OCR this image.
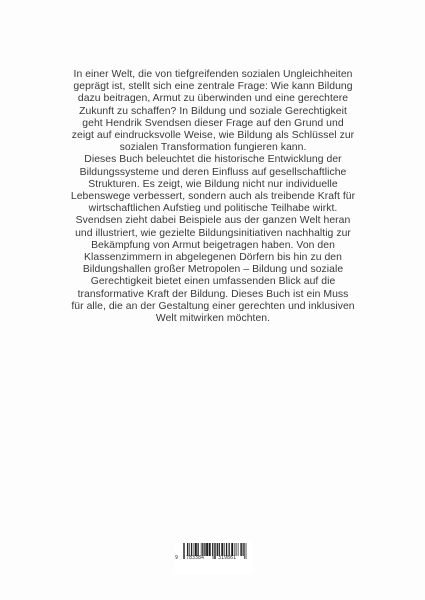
In einer Welt, die von tiefgreifenden sozialen Ungleichheiten geprägt ist, stellt sich eine zentrale Frage: Wie kann Bildung dazu beitragen, Armut zu überwinden und eine gerechtere Zukunft zu schaffen? In Bildung und soziale Gerechtigkeit geht Hendrik Svendsen dieser Frage auf den Grund und zeigt auf eindrucksvolle Weise, wie Bildung als Schlüssel zur sozialen Transformation fungieren kann.

Dieses Buch beleuchtet die historische Entwicklung der Bildungssysteme und deren Einfluss auf gesellschaftliche Strukturen. Es zeigt, wie Bildung nicht nur individuelle Lebenswege verbessert, sondern auch als treibende Kraft für wirtschaftlichen Aufstieg und politische Teilhabe wirkt. Svendsen zieht dabei Beispiele aus der ganzen Welt heran und illustriert, wie gezielte Bildungsinitiativen nachhaltig zur Bekämpfung von Armut beigetragen haben. Von den Klassenzimmern in abgelegenen Dörfern bis hin zu den Bildungshallen großer Metropolen – Bildung und soziale Gerechtigkeit bietet einen umfassenden Blick auf die transformative Kraft der Bildung. Dieses Buch ist ein Muss für alle, die an der Gestaltung einer gerechten und inklusiven Welt mitwirken möchten.

9 783384	319861
